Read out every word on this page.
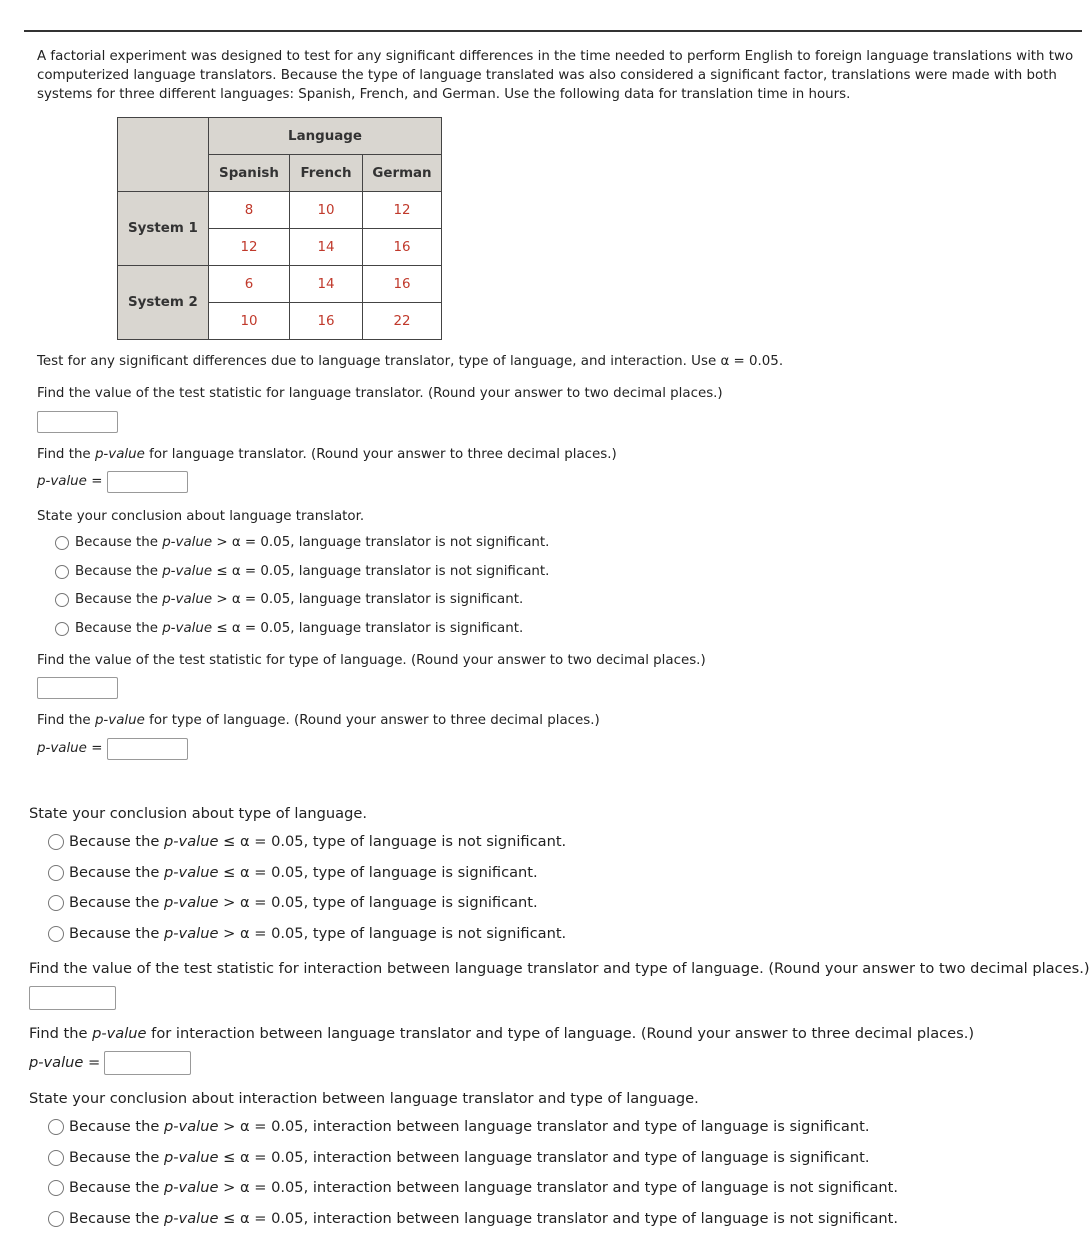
A factorial experiment was designed to test for any significant differences in the time needed to perform English to foreign language translations with two computerized language translators. Because the type of language translated was also considered a significant factor, translations were made with both systems for three different languages: Spanish, French, and German. Use the following data for translation time in hours.
	Language		
	Spanish	French	German
System 1	8	10	12
	12	14	16
System 2	6	14	16
	10	16	22
Test for any significant differences due to language translator, type of language, and interaction. Use α = 0.05.
Find the value of the test statistic for language translator. (Round your answer to two decimal places.)
Find the p-value for language translator. (Round your answer to three decimal places.)
p-value =
State your conclusion about language translator.
Because the p-value > α = 0.05, language translator is not significant.
Because the p-value ≤ α = 0.05, language translator is not significant.
Because the p-value > α = 0.05, language translator is significant.
Because the p-value ≤ α = 0.05, language translator is significant.
Find the value of the test statistic for type of language. (Round your answer to two decimal places.)
Find the p-value for type of language. (Round your answer to three decimal places.)
p-value =
State your conclusion about type of language.
Because the p-value ≤ α = 0.05, type of language is not significant.
Because the p-value ≤ α = 0.05, type of language is significant.
Because the p-value > α = 0.05, type of language is significant.
Because the p-value > α = 0.05, type of language is not significant.
Find the value of the test statistic for interaction between language translator and type of language. (Round your answer to two decimal places.)
Find the p-value for interaction between language translator and type of language. (Round your answer to three decimal places.)
p-value =
State your conclusion about interaction between language translator and type of language.
Because the p-value > α = 0.05, interaction between language translator and type of language is significant.
Because the p-value ≤ α = 0.05, interaction between language translator and type of language is significant.
Because the p-value > α = 0.05, interaction between language translator and type of language is not significant.
Because the p-value ≤ α = 0.05, interaction between language translator and type of language is not significant.
